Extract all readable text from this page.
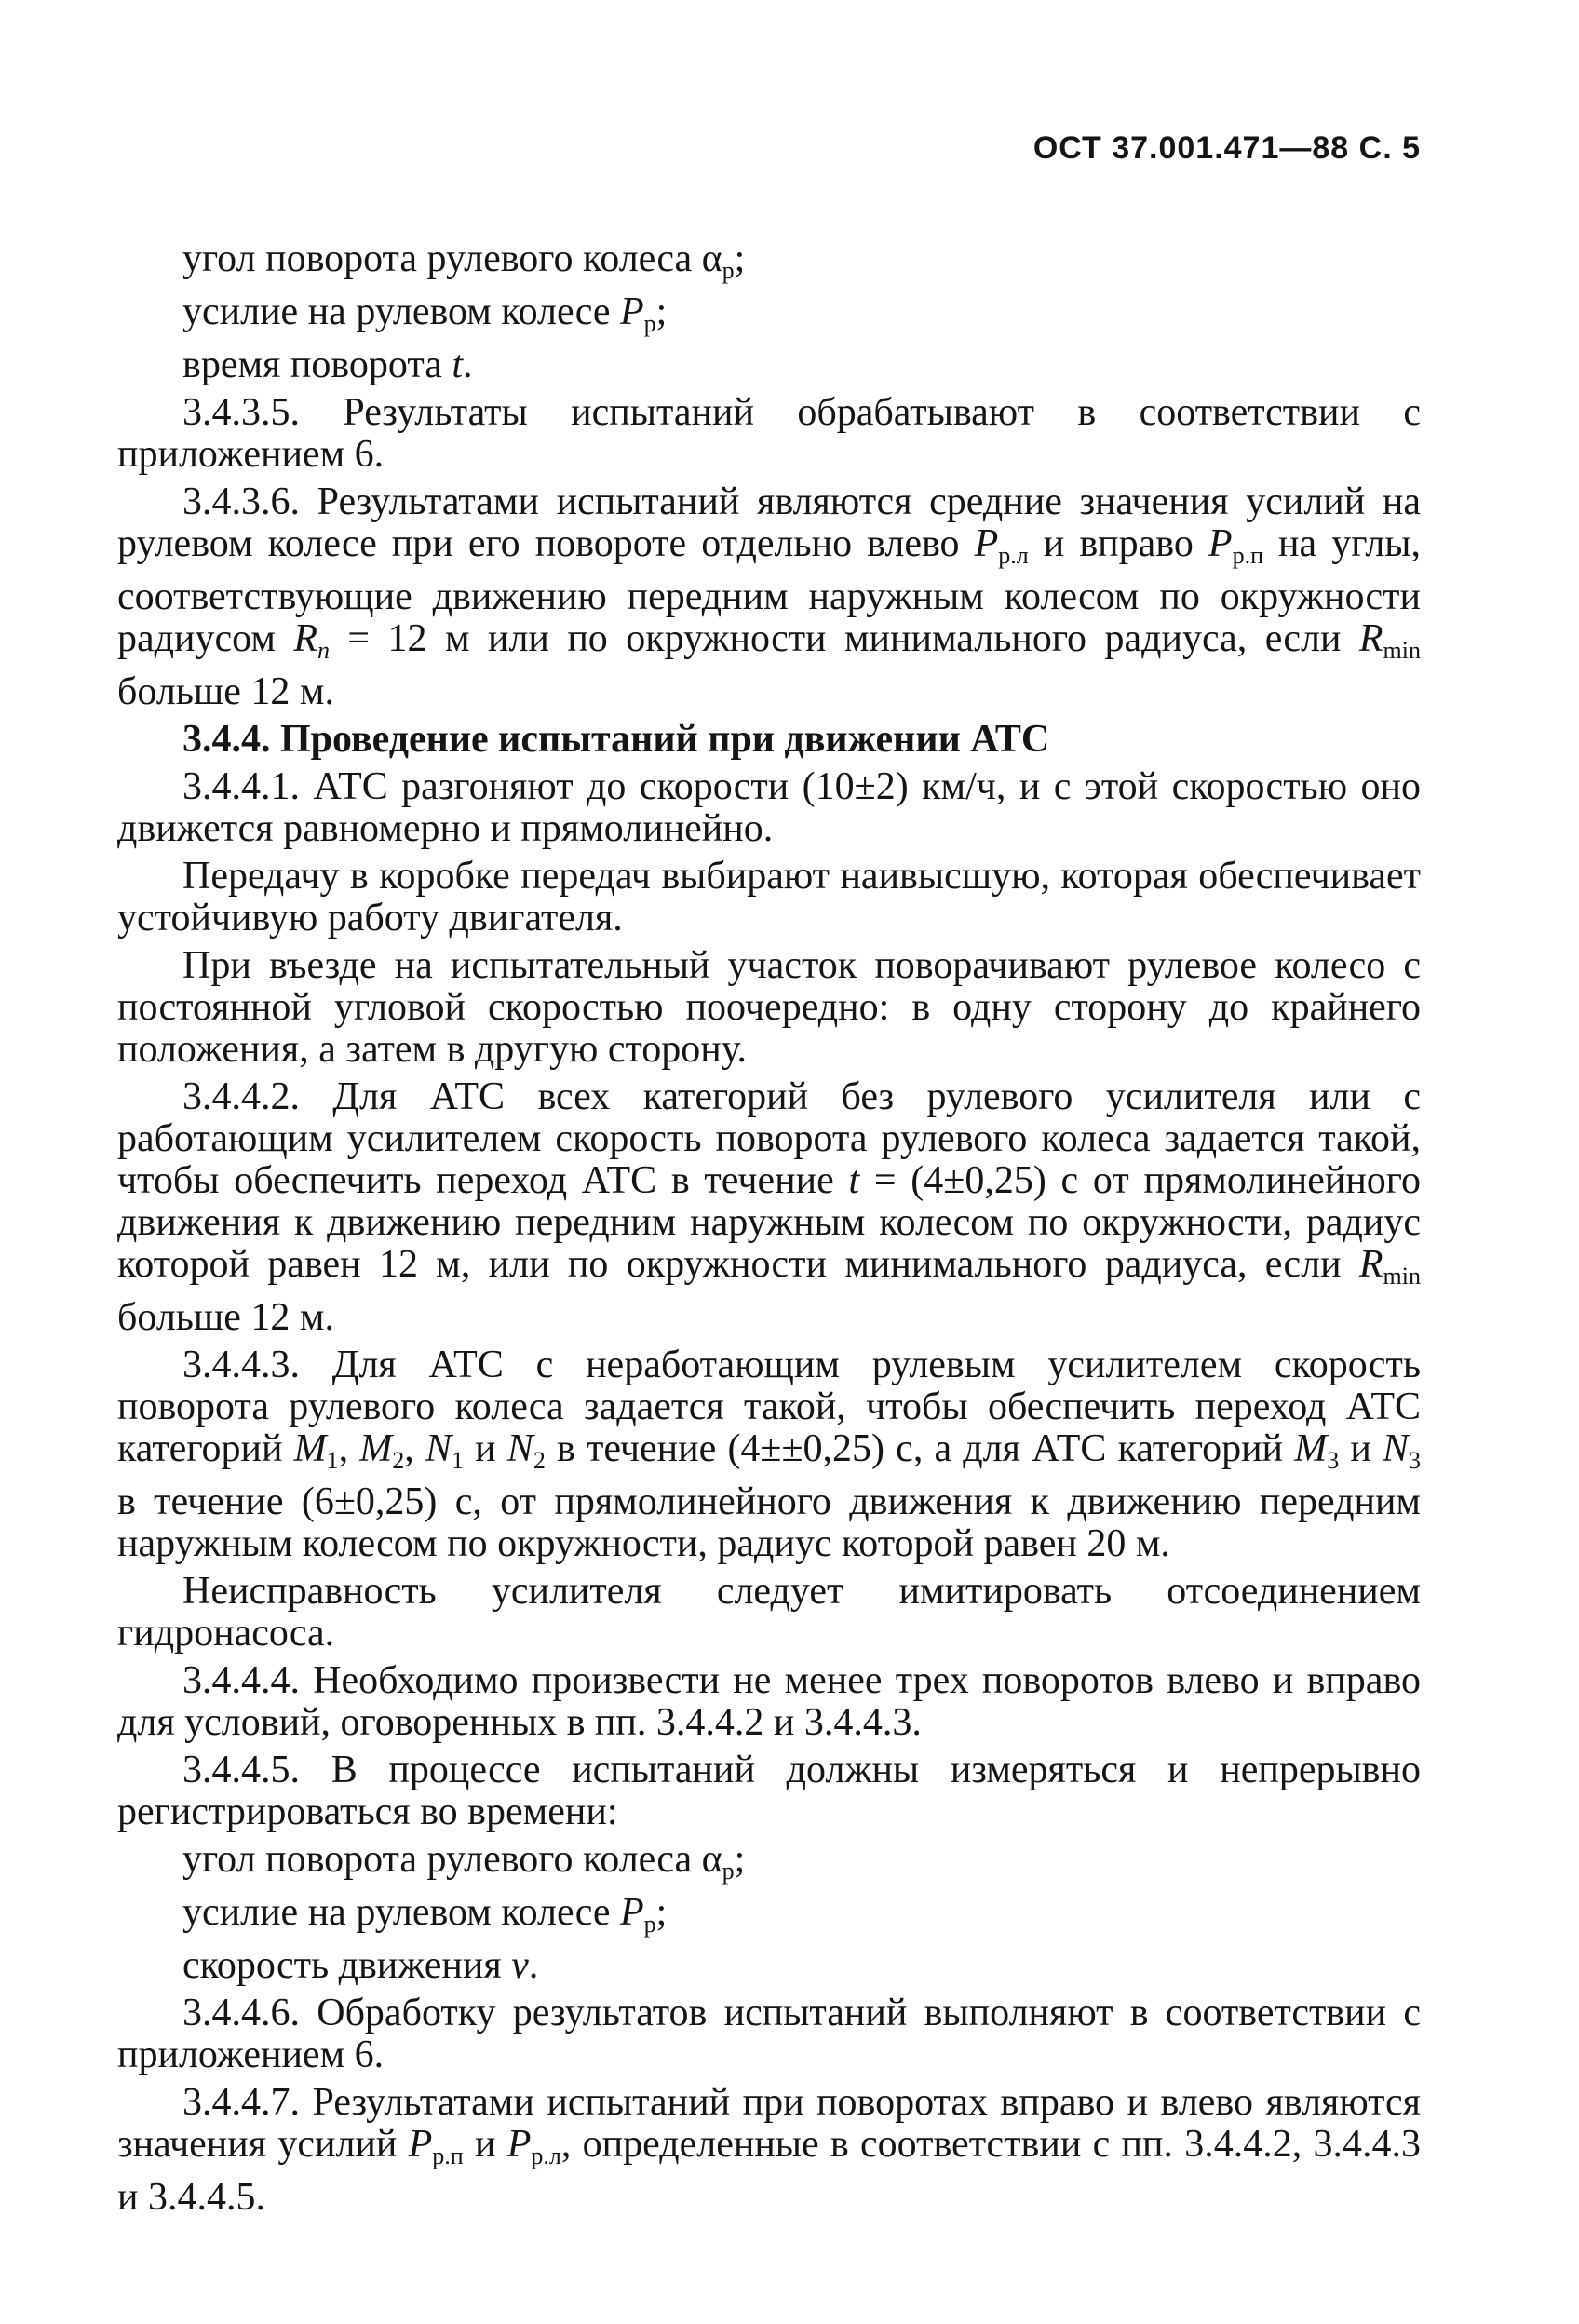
ОСТ 37.001.471—88 С. 5

угол поворота рулевого колеса $\alpha_р$;

усилие на рулевом колесе $P_р$;

время поворота t.

3.4.3.5. Результаты испытаний обрабатывают в соответствии с приложением 6.

3.4.3.6. Результатами испытаний являются средние значения усилий на рулевом колесе при его повороте отдельно влево $P_{р.л}$ и вправо $P_{р.п}$ на углы, соответствующие движению передним наружным колесом по окружности радиусом $R_n = 12$ м или по окружности минимального радиуса, если $R_{min}$ больше 12 м.

3.4.4. Проведение испытаний при движении АТС

3.4.4.1. АТС разгоняют до скорости (10±2) км/ч, и с этой скоростью оно движется равномерно и прямолинейно.

Передачу в коробке передач выбирают наивысшую, которая обеспечивает устойчивую работу двигателя.

При въезде на испытательный участок поворачивают рулевое колесо с постоянной угловой скоростью поочередно: в одну сторону до крайнего положения, а затем в другую сторону.

3.4.4.2. Для АТС всех категорий без рулевого усилителя или с работающим усилителем скорость поворота рулевого колеса задается такой, чтобы обеспечить переход АТС в течение t = (4±0,25) с от прямолинейного движения к движению передним наружным колесом по окружности, радиус которой равен 12 м, или по окружности минимального радиуса, если $R_{min}$ больше 12 м.

3.4.4.3. Для АТС с неработающим рулевым усилителем скорость поворота рулевого колеса задается такой, чтобы обеспечить переход АТС категорий $M_1$, $M_2$, $N_1$ и $N_2$ в течение (4±±0,25) с, а для АТС категорий $M_3$ и $N_3$ в течение (6±0,25) с, от прямолинейного движения к движению передним наружным колесом по окружности, радиус которой равен 20 м.

Неисправность усилителя следует имитировать отсоединением гидронасоса.

3.4.4.4. Необходимо произвести не менее трех поворотов влево и вправо для условий, оговоренных в пп. 3.4.4.2 и 3.4.4.3.

3.4.4.5. В процессе испытаний должны измеряться и непрерывно регистрироваться во времени:

угол поворота рулевого колеса $\alpha_р$;

усилие на рулевом колесе $P_р$;

скорость движения v.

3.4.4.6. Обработку результатов испытаний выполняют в соответствии с приложением 6.

3.4.4.7. Результатами испытаний при поворотах вправо и влево являются значения усилий $P_{р.п}$ и $P_{р.л}$, определенные в соответствии с пп. 3.4.4.2, 3.4.4.3 и 3.4.4.5.
